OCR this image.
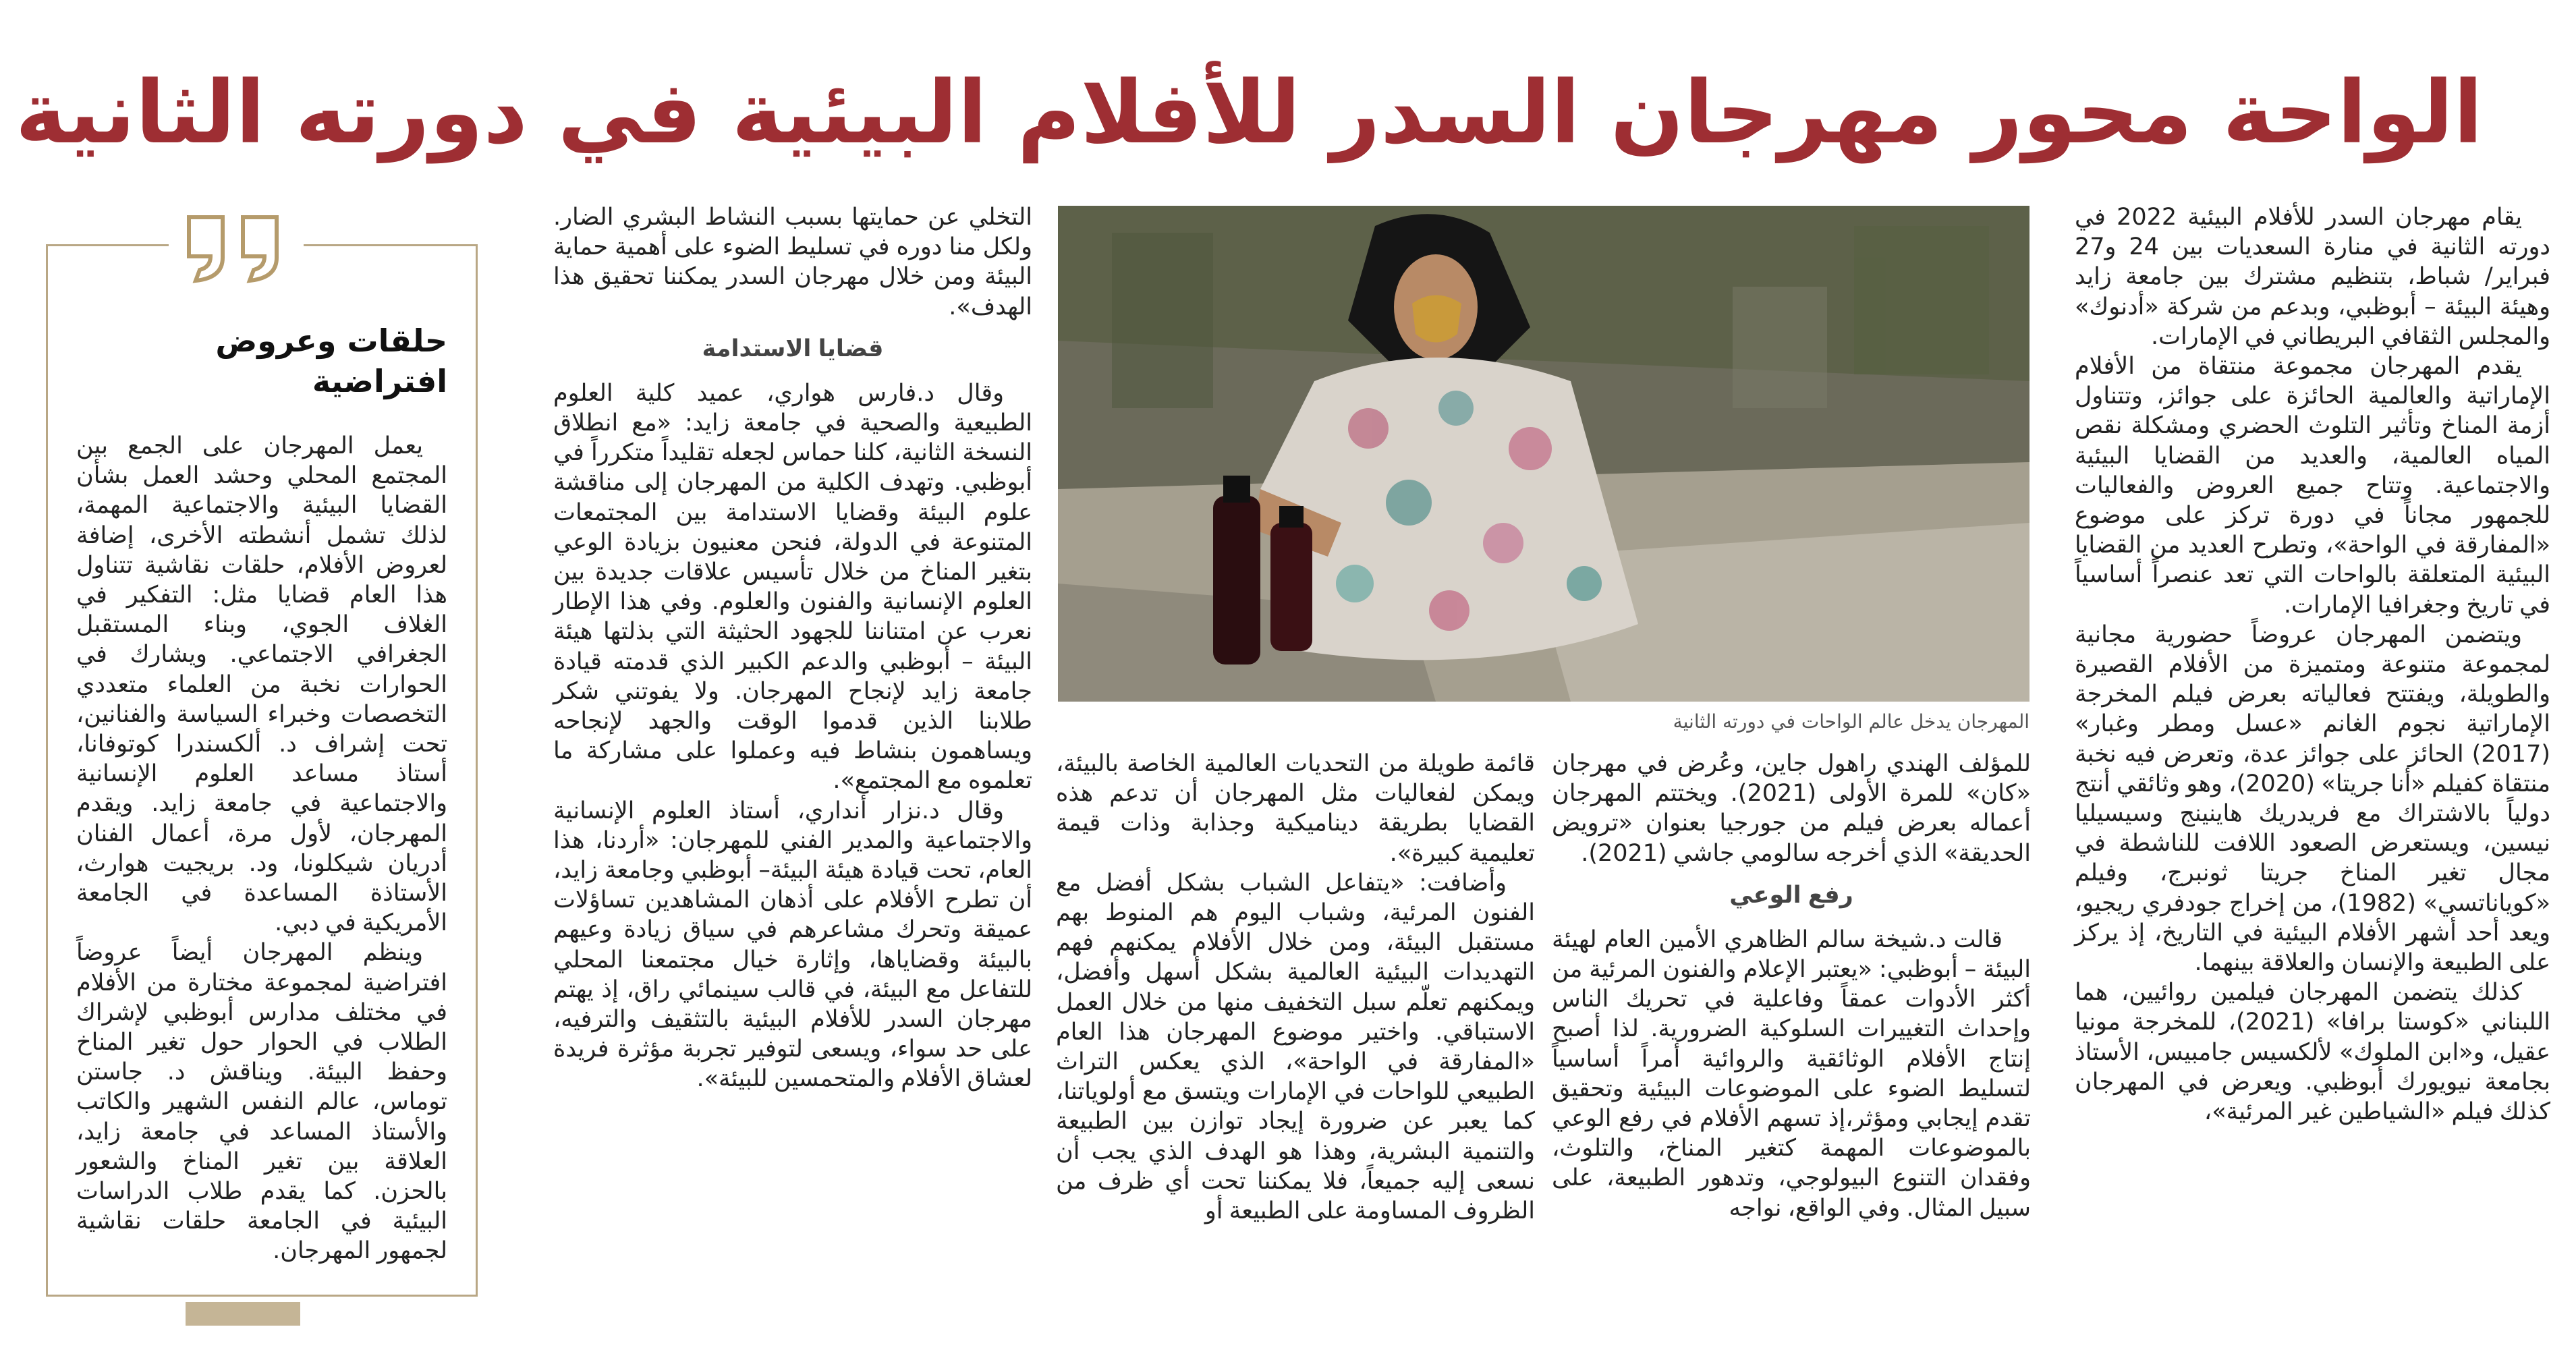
الواحة محور مهرجان السدر للأفلام البيئية في دورته الثانية

يقام مهرجان السدر للأفلام البيئية 2022 في دورته الثانية في منارة السعديات بين 24 و27 فبراير/ شباط، بتنظيم مشترك بين جامعة زايد وهيئة البيئة – أبوظبي، وبدعم من شركة «أدنوك» والمجلس الثقافي البريطاني في الإمارات.

يقدم المهرجان مجموعة منتقاة من الأفلام الإماراتية والعالمية الحائزة على جوائز، وتتناول أزمة المناخ وتأثير التلوث الحضري ومشكلة نقص المياه العالمية، والعديد من القضايا البيئية والاجتماعية. وتتاح جميع العروض والفعاليات للجمهور مجاناً في دورة تركز على موضوع «المفارقة في الواحة»، وتطرح العديد من القضايا البيئية المتعلقة بالواحات التي تعد عنصراً أساسياً في تاريخ وجغرافيا الإمارات.

ويتضمن المهرجان عروضاً حضورية مجانية لمجموعة متنوعة ومتميزة من الأفلام القصيرة والطويلة، ويفتتح فعالياته بعرض فيلم المخرجة الإماراتية نجوم الغانم «عسل ومطر وغبار» (2017) الحائز على جوائز عدة، وتعرض فيه نخبة منتقاة كفيلم «أنا جريتا» (2020)، وهو وثائقي أنتج دولياً بالاشتراك مع فريدريك هاينينج وسيسيليا نيسين، ويستعرض الصعود اللافت للناشطة في مجال تغير المناخ جريتا ثونبرج، وفيلم «كوياناتسي» (1982)، من إخراج جودفري ريجيو، ويعد أحد أشهر الأفلام البيئية في التاريخ، إذ يركز على الطبيعة والإنسان والعلاقة بينهما.

كذلك يتضمن المهرجان فيلمين روائيين، هما اللبناني «كوستا برافا» (2021)، للمخرجة مونيا عقيل، و«ابن الملوك» لألكسيس جامبيس، الأستاذ بجامعة نيويورك أبوظبي. ويعرض في المهرجان كذلك فيلم «الشياطين غير المرئية»،

المهرجان يدخل عالم الواحات في دورته الثانية

للمؤلف الهندي راهول جاين، وعُرض في مهرجان «كان» للمرة الأولى (2021). ويختتم المهرجان أعماله بعرض فيلم من جورجيا بعنوان «ترويض الحديقة» الذي أخرجه سالومي جاشي (2021).

رفع الوعي

قالت د.شيخة سالم الظاهري الأمين العام لهيئة البيئة – أبوظبي: «يعتبر الإعلام والفنون المرئية من أكثر الأدوات عمقاً وفاعلية في تحريك الناس وإحداث التغييرات السلوكية الضرورية. لذا أصبح إنتاج الأفلام الوثائقية والروائية أمراً أساسياً لتسليط الضوء على الموضوعات البيئية وتحقيق تقدم إيجابي ومؤثر،إذ تسهم الأفلام في رفع الوعي بالموضوعات المهمة كتغير المناخ، والتلوث، وفقدان التنوع البيولوجي، وتدهور الطبيعة، على سبيل المثال. وفي الواقع، نواجه

قائمة طويلة من التحديات العالمية الخاصة بالبيئة، ويمكن لفعاليات مثل المهرجان أن تدعم هذه القضايا بطريقة ديناميكية وجذابة وذات قيمة تعليمية كبيرة».

وأضافت: «يتفاعل الشباب بشكل أفضل مع الفنون المرئية، وشباب اليوم هم المنوط بهم مستقبل البيئة، ومن خلال الأفلام يمكنهم فهم التهديدات البيئية العالمية بشكل أسهل وأفضل، ويمكنهم تعلّم سبل التخفيف منها من خلال العمل الاستباقي. واختير موضوع المهرجان هذا العام «المفارقة في الواحة»، الذي يعكس التراث الطبيعي للواحات في الإمارات ويتسق مع أولوياتنا، كما يعبر عن ضرورة إيجاد توازن بين الطبيعة والتنمية البشرية، وهذا هو الهدف الذي يجب أن نسعى إليه جميعاً، فلا يمكننا تحت أي ظرف من الظروف المساومة على الطبيعة أو

التخلي عن حمايتها بسبب النشاط البشري الضار. ولكل منا دوره في تسليط الضوء على أهمية حماية البيئة ومن خلال مهرجان السدر يمكننا تحقيق هذا الهدف».

قضايا الاستدامة

وقال د.فارس هواري، عميد كلية العلوم الطبيعية والصحية في جامعة زايد: «مع انطلاق النسخة الثانية، كلنا حماس لجعله تقليداً متكرراً في أبوظبي. وتهدف الكلية من المهرجان إلى مناقشة علوم البيئة وقضايا الاستدامة بين المجتمعات المتنوعة في الدولة، فنحن معنيون بزيادة الوعي بتغير المناخ من خلال تأسيس علاقات جديدة بين العلوم الإنسانية والفنون والعلوم. وفي هذا الإطار نعرب عن امتناننا للجهود الحثيثة التي بذلتها هيئة البيئة – أبوظبي والدعم الكبير الذي قدمته قيادة جامعة زايد لإنجاح المهرجان. ولا يفوتني شكر طلابنا الذين قدموا الوقت والجهد لإنجاحه ويساهمون بنشاط فيه وعملوا على مشاركة ما تعلموه مع المجتمع».

وقال د.نزار أنداري، أستاذ العلوم الإنسانية والاجتماعية والمدير الفني للمهرجان: «أردنا، هذا العام، تحت قيادة هيئة البيئة– أبوظبي وجامعة زايد، أن تطرح الأفلام على أذهان المشاهدين تساؤلات عميقة وتحرك مشاعرهم في سياق زيادة وعيهم بالبيئة وقضاياها، وإثارة خيال مجتمعنا المحلي للتفاعل مع البيئة، في قالب سينمائي راق، إذ يهتم مهرجان السدر للأفلام البيئية بالتثقيف والترفيه، على حد سواء، ويسعى لتوفير تجربة مؤثرة فريدة لعشاق الأفلام والمتحمسين للبيئة».

حلقات وعروض افتراضية

يعمل المهرجان على الجمع بين المجتمع المحلي وحشد العمل بشأن القضايا البيئية والاجتماعية المهمة، لذلك تشمل أنشطته الأخرى، إضافة لعروض الأفلام، حلقات نقاشية تتناول هذا العام قضايا مثل: التفكير في الغلاف الجوي، وبناء المستقبل الجغرافي الاجتماعي. ويشارك في الحوارات نخبة من العلماء متعددي التخصصات وخبراء السياسة والفنانين، تحت إشراف د. ألكسندرا كوتوفانا، أستاذ مساعد العلوم الإنسانية والاجتماعية في جامعة زايد. ويقدم المهرجان، لأول مرة، أعمال الفنان أدريان شيكلونا، ود. بريجيت هوارث، الأستاذة المساعدة في الجامعة الأمريكية في دبي.

وينظم المهرجان أيضاً عروضاً افتراضية لمجموعة مختارة من الأفلام في مختلف مدارس أبوظبي لإشراك الطلاب في الحوار حول تغير المناخ وحفظ البيئة. ويناقش د. جاستن توماس، عالم النفس الشهير والكاتب والأستاذ المساعد في جامعة زايد، العلاقة بين تغير المناخ والشعور بالحزن. كما يقدم طلاب الدراسات البيئية في الجامعة حلقات نقاشية لجمهور المهرجان.
